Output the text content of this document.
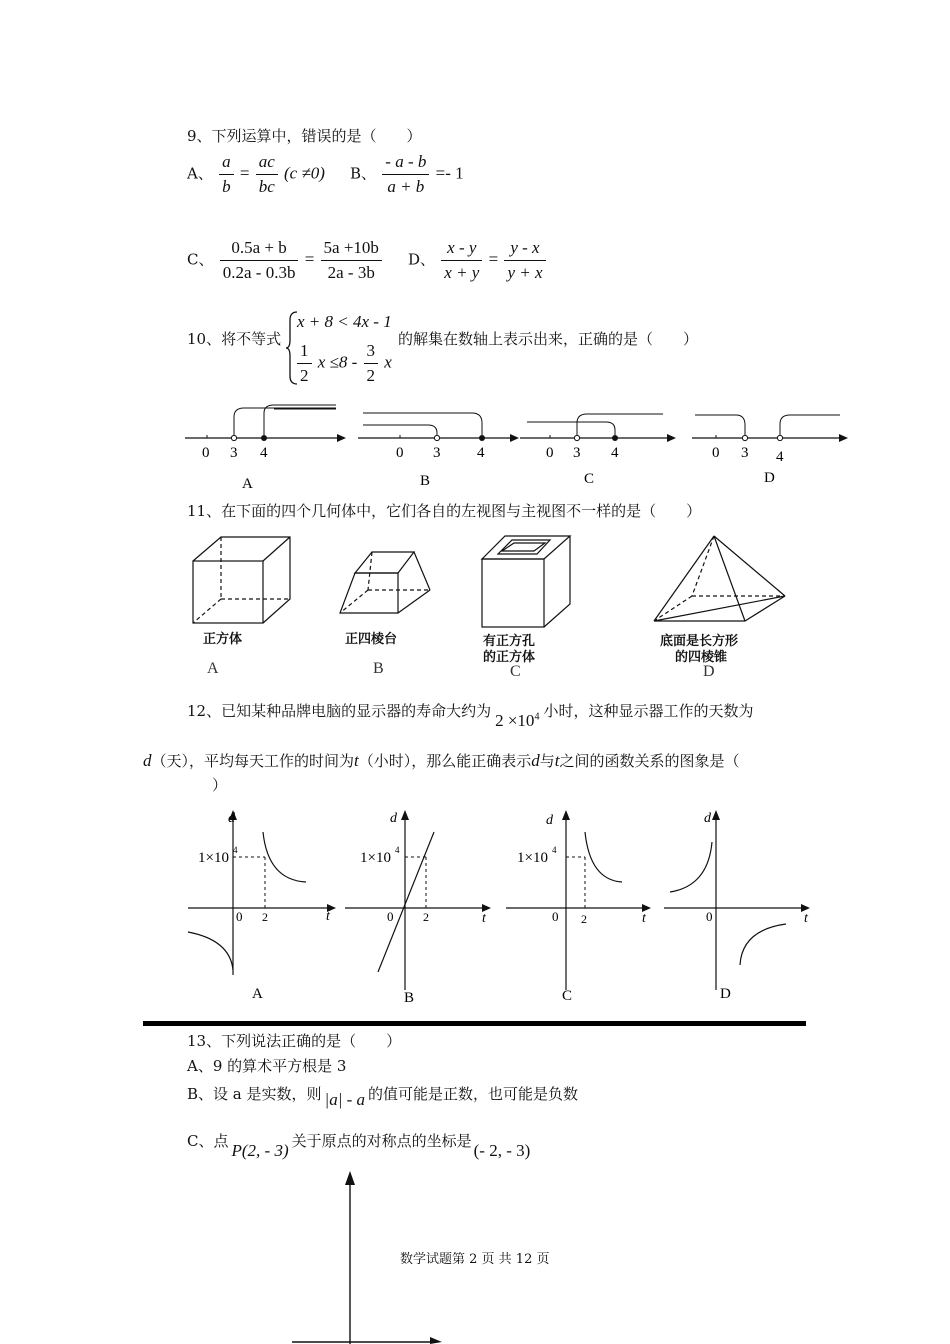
9、下列运算中，错误的是（　　）
A、 $\frac{a}{b} = \frac{ac}{bc} (c \ne 0)$ B、 $\frac{- a - b}{a + b} =- 1$
C、 $\frac{0.5a + b}{0.2a - 0.3b} = \frac{5a +10b}{2a - 3b}$ D、 $\frac{x - y}{x + y} = \frac{y - x}{y + x}$
10、将不等式
x + 8 < 4x - 1
$\frac{1}{2}$ $x \le 8 - \frac{3}{2}$ x
的解集在数轴上表示出来，正确的是（　　）
0 3 4
A
0 3 4
B
0 3 4
C
0 3 4
D
11、在下面的四个几何体中，它们各自的左视图与主视图不一样的是（　　）
正方体
A
正四棱台
B
有正方孔
的正方体
C
底面是长方形
的四棱锥
D
12、已知某种品牌电脑的显示器的寿命大约为 $2 \times 10^4$ 小时，这种显示器工作的天数为
d（天），平均每天工作的时间为t（小时），那么能正确表示d与t之间的函数关系的图象是（
）
d
t
0 2
1×10 4
A
d
t
0 2
1×10 4
B
d
t
0 2
1×10 4
C
d
t
0
D
13、下列说法正确的是（　　）
A、9 的算术平方根是 3
B、设 a 是实数，则 |a| - a 的值可能是正数，也可能是负数
C、点 P(2, - 3) 关于原点的对称点的坐标是 (- 2, - 3)
数学试题第 2 页 共 12 页
